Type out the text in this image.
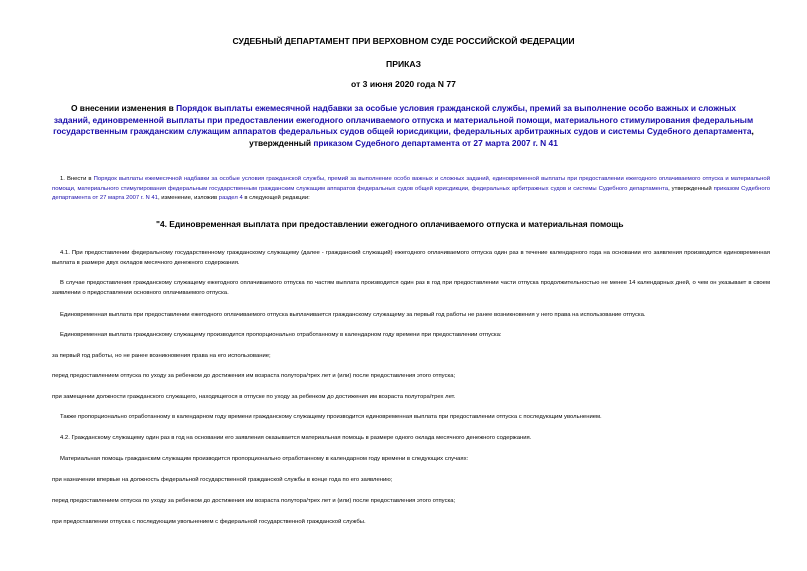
СУДЕБНЫЙ ДЕПАРТАМЕНТ ПРИ ВЕРХОВНОМ СУДЕ РОССИЙСКОЙ ФЕДЕРАЦИИ
ПРИКАЗ
от 3 июня 2020 года N 77
О внесении изменения в Порядок выплаты ежемесячной надбавки за особые условия гражданской службы, премий за выполнение особо важных и сложных заданий, единовременной выплаты при предоставлении ежегодного оплачиваемого отпуска и материальной помощи, материального стимулирования федеральным государственным гражданским служащим аппаратов федеральных судов общей юрисдикции, федеральных арбитражных судов и системы Судебного департамента, утвержденный приказом Судебного департамента от 27 марта 2007 г. N 41
1. Внести в Порядок выплаты ежемесячной надбавки за особые условия гражданской службы, премий за выполнение особо важных и сложных заданий, единовременной выплаты при предоставлении ежегодного оплачиваемого отпуска и материальной помощи, материального стимулирования федеральным государственным гражданским служащим аппаратов федеральных судов общей юрисдикции, федеральных арбитражных судов и системы Судебного департамента, утвержденный приказом Судебного департамента от 27 марта 2007 г. N 41, изменение, изложив раздел 4 в следующей редакции:
"4. Единовременная выплата при предоставлении ежегодного оплачиваемого отпуска и материальная помощь
4.1. При предоставлении федеральному государственному гражданскому служащему (далее - гражданский служащий) ежегодного оплачиваемого отпуска один раз в течение календарного года на основании его заявления производится единовременная выплата в размере двух окладов месячного денежного содержания.
В случае предоставления гражданскому служащему ежегодного оплачиваемого отпуска по частям выплата производится один раз в год при предоставлении части отпуска продолжительностью не менее 14 календарных дней, о чем он указывает в своем заявлении о предоставлении основного оплачиваемого отпуска.
Единовременная выплата при предоставлении ежегодного оплачиваемого отпуска выплачивается гражданскому служащему за первый год работы не ранее возникновения у него права на использование отпуска.
Единовременная выплата гражданскому служащему производится пропорционально отработанному в календарном году времени при предоставлении отпуска:
за первый год работы, но не ранее возникновения права на его использование;
перед предоставлением отпуска по уходу за ребенком до достижения им возраста полутора/трех лет и (или) после предоставления этого отпуска;
при замещении должности гражданского служащего, находящегося в отпуске по уходу за ребенком до достижения им возраста полутора/трех лет.
Также пропорционально отработанному в календарном году времени гражданскому служащему производится единовременная выплата при предоставлении отпуска с последующим увольнением.
4.2. Гражданскому служащему один раз в год на основании его заявления оказывается материальная помощь в размере одного оклада месячного денежного содержания.
Материальная помощь гражданским служащим производится пропорционально отработанному в календарном году времени в следующих случаях:
при назначении впервые на должность федеральной государственной гражданской службы в конце года по его заявлению;
перед предоставлением отпуска по уходу за ребенком до достижения им возраста полутора/трех лет и (или) после предоставления этого отпуска;
при предоставлении отпуска с последующим увольнением с федеральной государственной гражданской службы.
